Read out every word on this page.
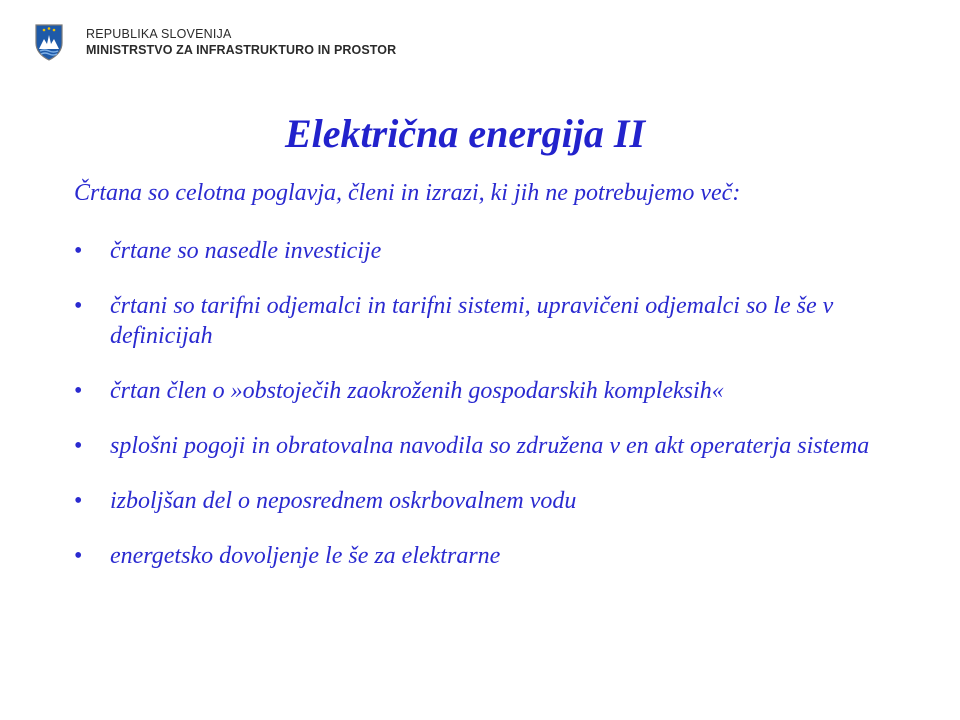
REPUBLIKA SLOVENIJA
MINISTRSTVO ZA INFRASTRUKTURO IN PROSTOR
Električna energija II

Črtana so celotna poglavja, členi in izrazi, ki jih ne potrebujemo več:

• črtane so nasedle investicije
• črtani so tarifni odjemalci in tarifni sistemi, upravičeni odjemalci so le še v definicijah
• črtan člen o »obstoječih zaokroženih gospodarskih kompleksih«
• splošni pogoji in obratovalna navodila so združena v en akt operaterja sistema
• izboljšan del o neposrednem oskrbovalnem vodu
• energetsko dovoljenje le še za elektrarne
